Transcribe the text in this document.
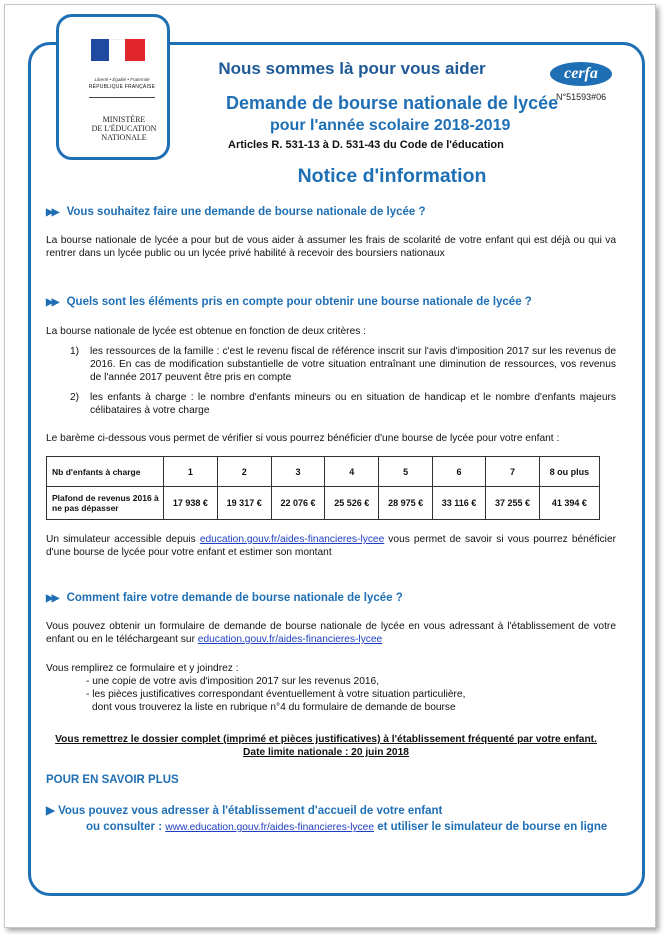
Liberté • Égalité • Fraternité
RÉPUBLIQUE FRANÇAISE
MINISTÈRE
DE L'ÉDUCATION
NATIONALE
cerfa
N°51593#06
Nous sommes là pour vous aider
Demande de bourse nationale de lycée
pour l'année scolaire 2018-2019
Articles R. 531-13 à D. 531-43 du Code de l'éducation
Notice d'information
▶▶ Vous souhaitez faire une demande de bourse nationale de lycée ?
La bourse nationale de lycée a pour but de vous aider à assumer les frais de scolarité de votre enfant qui est déjà ou qui va rentrer dans un lycée public ou un lycée privé habilité à recevoir des boursiers nationaux
▶▶ Quels sont les éléments pris en compte pour obtenir une bourse nationale de lycée ?
La bourse nationale de lycée est obtenue en fonction de deux critères :
1) les ressources de la famille : c'est le revenu fiscal de référence inscrit sur l'avis d'imposition 2017 sur les revenus de 2016. En cas de modification substantielle de votre situation entraînant une diminution de ressources, vos revenus de l'année 2017 peuvent être pris en compte
2) les enfants à charge : le nombre d'enfants mineurs ou en situation de handicap et le nombre d'enfants majeurs célibataires à votre charge
Le barème ci-dessous vous permet de vérifier si vous pourrez bénéficier d'une bourse de lycée pour votre enfant :
Nb d'enfants à charge	1	2	3	4	5	6	7	8 ou plus
Plafond de revenus 2016 à ne pas dépasser	17 938 €	19 317 €	22 076 €	25 526 €	28 975 €	33 116 €	37 255 €	41 394 €
Un simulateur accessible depuis education.gouv.fr/aides-financieres-lycee vous permet de savoir si vous pourrez bénéficier d'une bourse de lycée pour votre enfant et estimer son montant
▶▶ Comment faire votre demande de bourse nationale de lycée ?
Vous pouvez obtenir un formulaire de demande de bourse nationale de lycée en vous adressant à l'établissement de votre enfant ou en le téléchargeant sur education.gouv.fr/aides-financieres-lycee
Vous remplirez ce formulaire et y joindrez :
- une copie de votre avis d'imposition 2017 sur les revenus 2016,
- les pièces justificatives correspondant éventuellement à votre situation particulière,
dont vous trouverez la liste en rubrique n°4 du formulaire de demande de bourse
Vous remettrez le dossier complet (imprimé et pièces justificatives) à l'établissement fréquenté par votre enfant.
Date limite nationale : 20 juin 2018
POUR EN SAVOIR PLUS
▶ Vous pouvez vous adresser à l'établissement d'accueil de votre enfant
ou consulter : www.education.gouv.fr/aides-financieres-lycee et utiliser le simulateur de bourse en ligne
